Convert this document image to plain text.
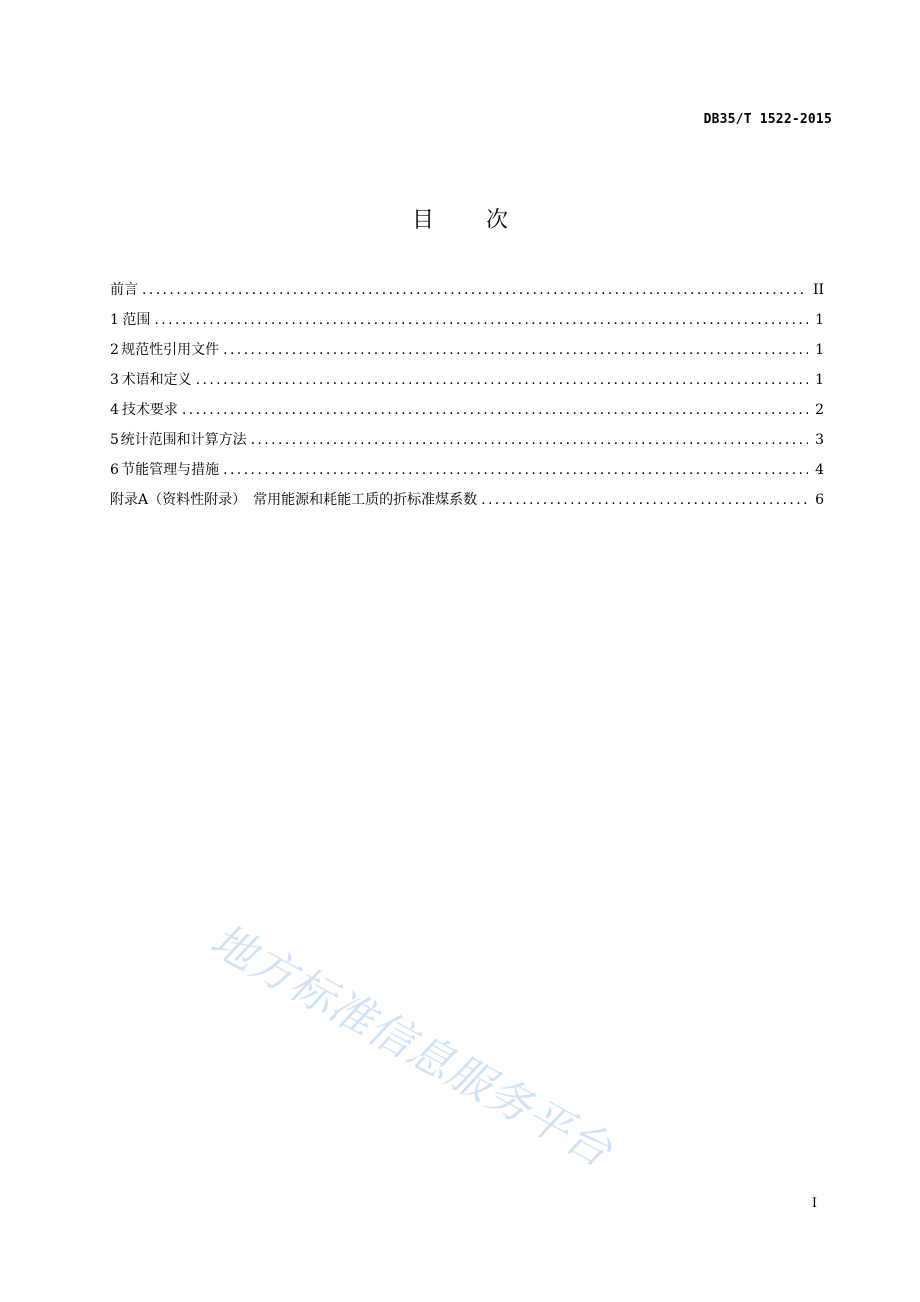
DB35/T 1522-2015
目 次
前言 .....	II
1 范围 .....	1
2 规范性引用文件 .....	1
3 术语和定义 .....	1
4 技术要求 .....	2
5 统计范围和计算方法 .....	3
6 节能管理与措施 .....	4
附录A（资料性附录）　常用能源和耗能工质的折标准煤系数 .....	6
地方标准信息服务平台
I
